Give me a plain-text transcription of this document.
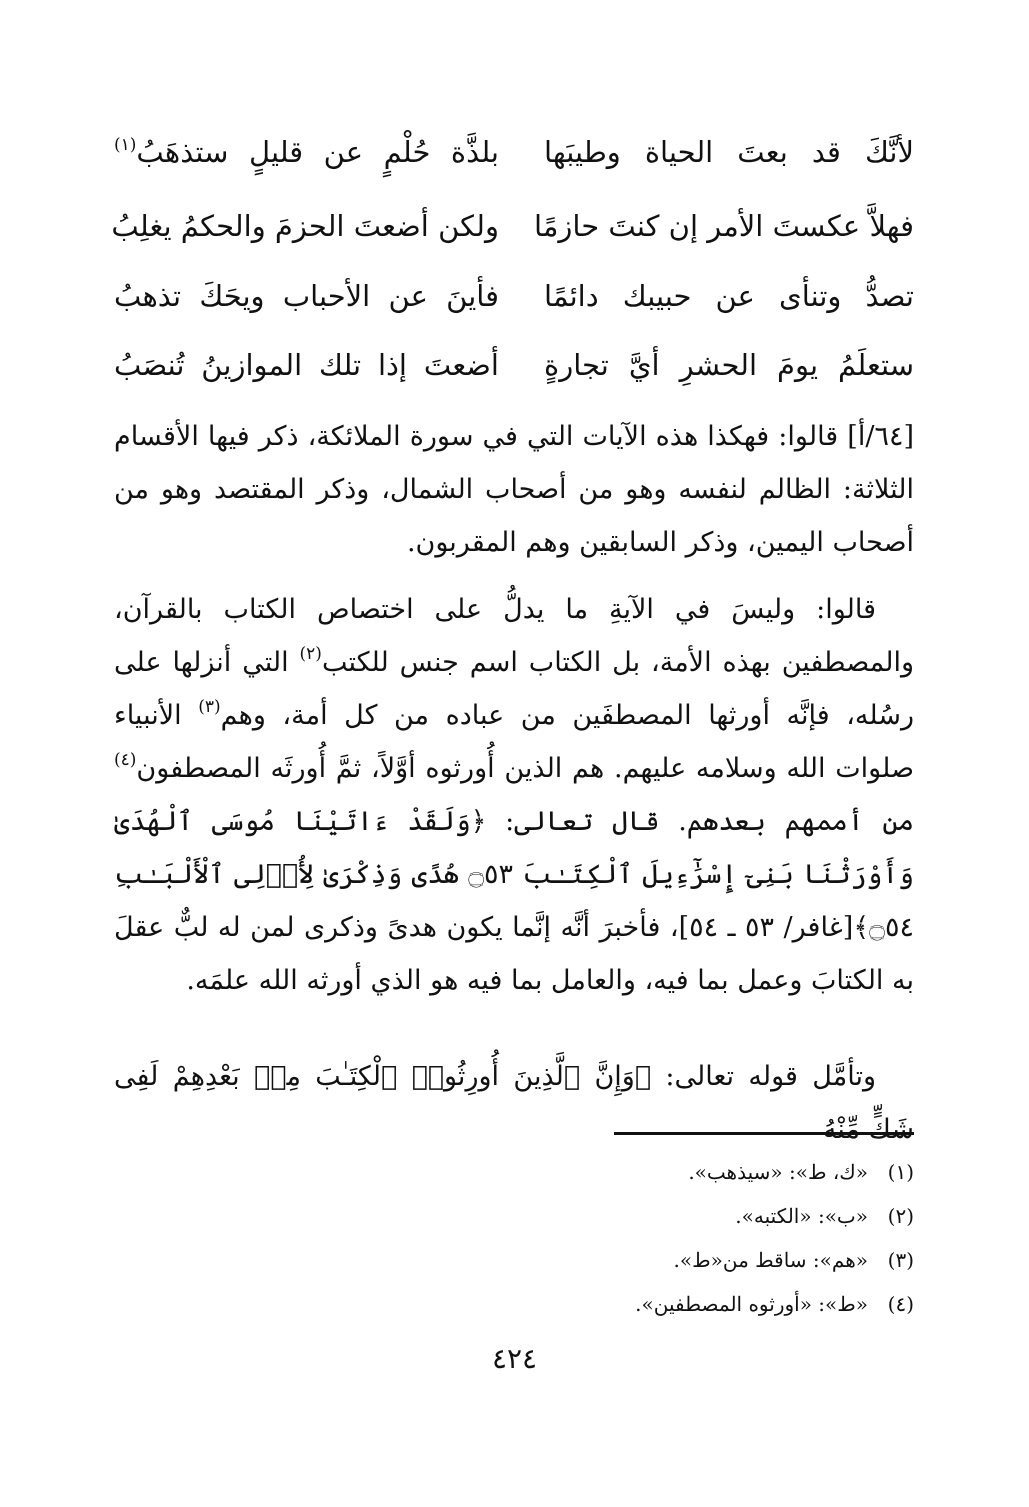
لأنَّكَ قد بعتَ الحياة وطيبَها
بلذَّة حُلْمٍ عن قليلٍ ستذهَبُ$^{(١)}$
فهلاَّ عكستَ الأمر إن كنتَ حازمًا
ولكن أضعتَ الحزمَ والحكمُ يغلِبُ
تصدُّ وتنأى عن حبيبك دائمًا
فأينَ عن الأحباب ويحَكَ تذهبُ
ستعلَمُ يومَ الحشرِ أيَّ تجارةٍ
أضعتَ إذا تلك الموازينُ تُنصَبُ

[٦٤/أ] قالوا: فهكذا هذه الآيات التي في سورة الملائكة، ذكر فيها الأقسام الثلاثة: الظالم لنفسه وهو من أصحاب الشمال، وذكر المقتصد وهو من أصحاب اليمين، وذكر السابقين وهم المقربون.

قالوا: وليسَ في الآيةِ ما يدلُّ على اختصاص الكتاب بالقرآن، والمصطفين بهذه الأمة، بل الكتاب اسم جنس للكتب$^{(٢)}$ التي أنزلها على رسُله، فإنَّه أورثها المصطفَين من عباده من كل أمة، وهم$^{(٣)}$ الأنبياء صلوات الله وسلامه عليهم. هم الذين أُورثوه أوَّلاً، ثمَّ أُورثَه المصطفون$^{(٤)}$ من أممهم بعدهم. قال تعالى: ﴿وَلَقَدْ ءَاتَيْنَا مُوسَى ٱلْهُدَىٰ وَأَوْرَثْنَا بَنِىٓ إِسْرَٰٓءِيلَ ٱلْكِتَـٰبَ ۝٥٣ هُدًى وَذِكْرَىٰ لِأُو۟لِى ٱلْأَلْبَـٰبِ ۝٥٤﴾[غافر/ ٥٣ ـ ٥٤]، فأخبرَ أنَّه إنَّما يكون هدىً وذكرى لمن له لبٌّ عقلَ به الكتابَ وعمل بما فيه، والعامل بما فيه هو الذي أورثه الله علمَه.

وتأمَّل قوله تعالى: ﴿وَإِنَّ ٱلَّذِينَ أُورِثُوا۟ ٱلْكِتَـٰبَ مِنۢ بَعْدِهِمْ لَفِى شَكٍّ مِّنْهُ

(١)
«ك، ط»: «سيذهب».
(٢)
«ب»: «الكتبه».
(٣)
«هم»: ساقط من«ط».
(٤)
«ط»: «أورثوه المصطفين».
٤٢٤
